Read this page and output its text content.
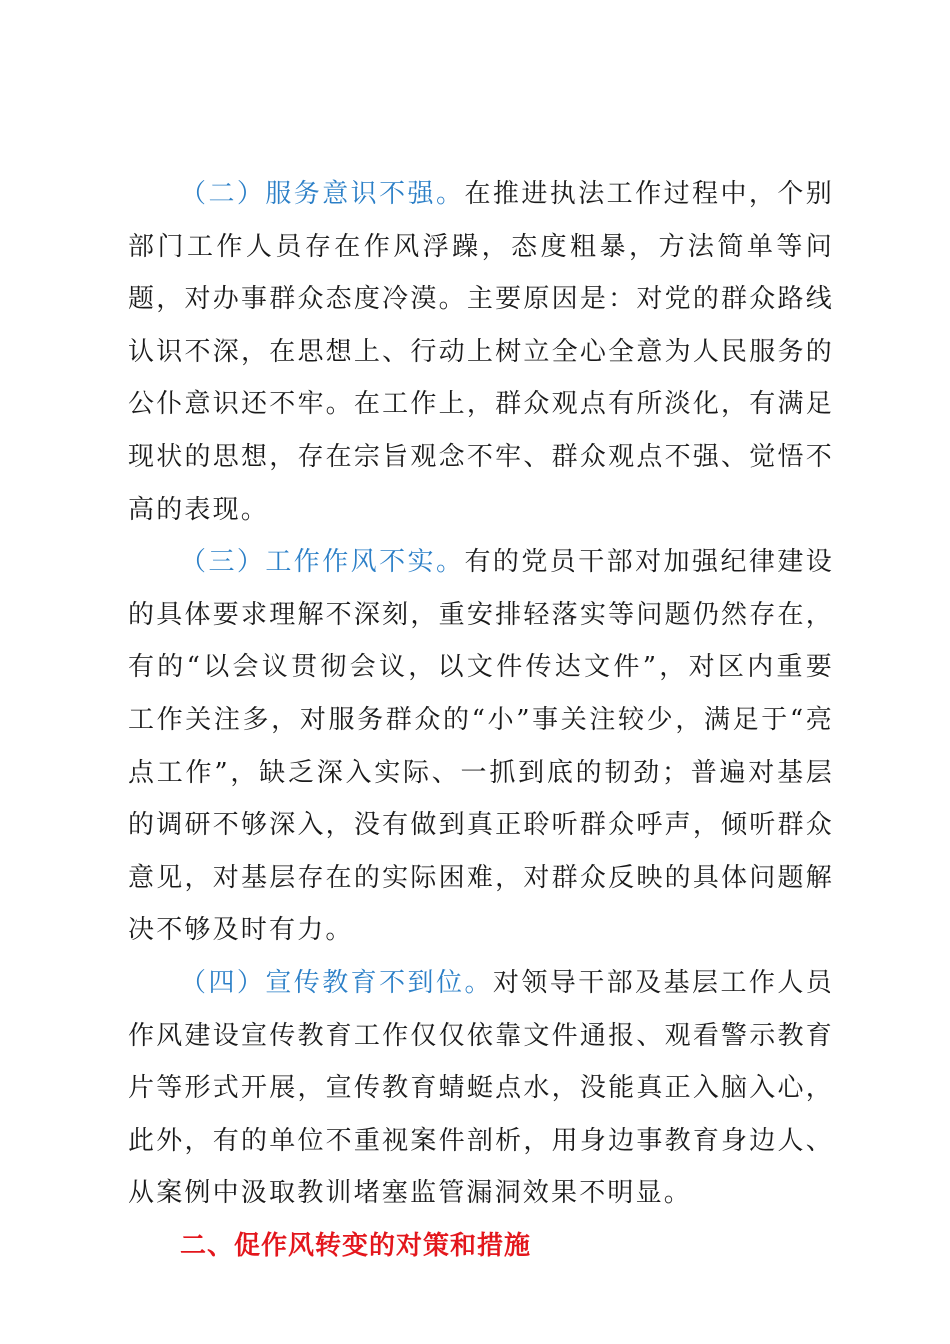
（二）服务意识不强。在推进执法工作过程中，个别部门工作人员存在作风浮躁，态度粗暴，方法简单等问题，对办事群众态度冷漠。主要原因是：对党的群众路线认识不深，在思想上、行动上树立全心全意为人民服务的公仆意识还不牢。在工作上，群众观点有所淡化，有满足现状的思想，存在宗旨观念不牢、群众观点不强、觉悟不高的表现。

（三）工作作风不实。有的党员干部对加强纪律建设的具体要求理解不深刻，重安排轻落实等问题仍然存在，有的“以会议贯彻会议，以文件传达文件”，对区内重要工作关注多，对服务群众的“小”事关注较少，满足于“亮点工作”，缺乏深入实际、一抓到底的韧劲；普遍对基层的调研不够深入，没有做到真正聆听群众呼声，倾听群众意见，对基层存在的实际困难，对群众反映的具体问题解决不够及时有力。

（四）宣传教育不到位。对领导干部及基层工作人员作风建设宣传教育工作仅仅依靠文件通报、观看警示教育片等形式开展，宣传教育蜻蜓点水，没能真正入脑入心，此外，有的单位不重视案件剖析，用身边事教育身边人、从案例中汲取教训堵塞监管漏洞效果不明显。

二、促作风转变的对策和措施
